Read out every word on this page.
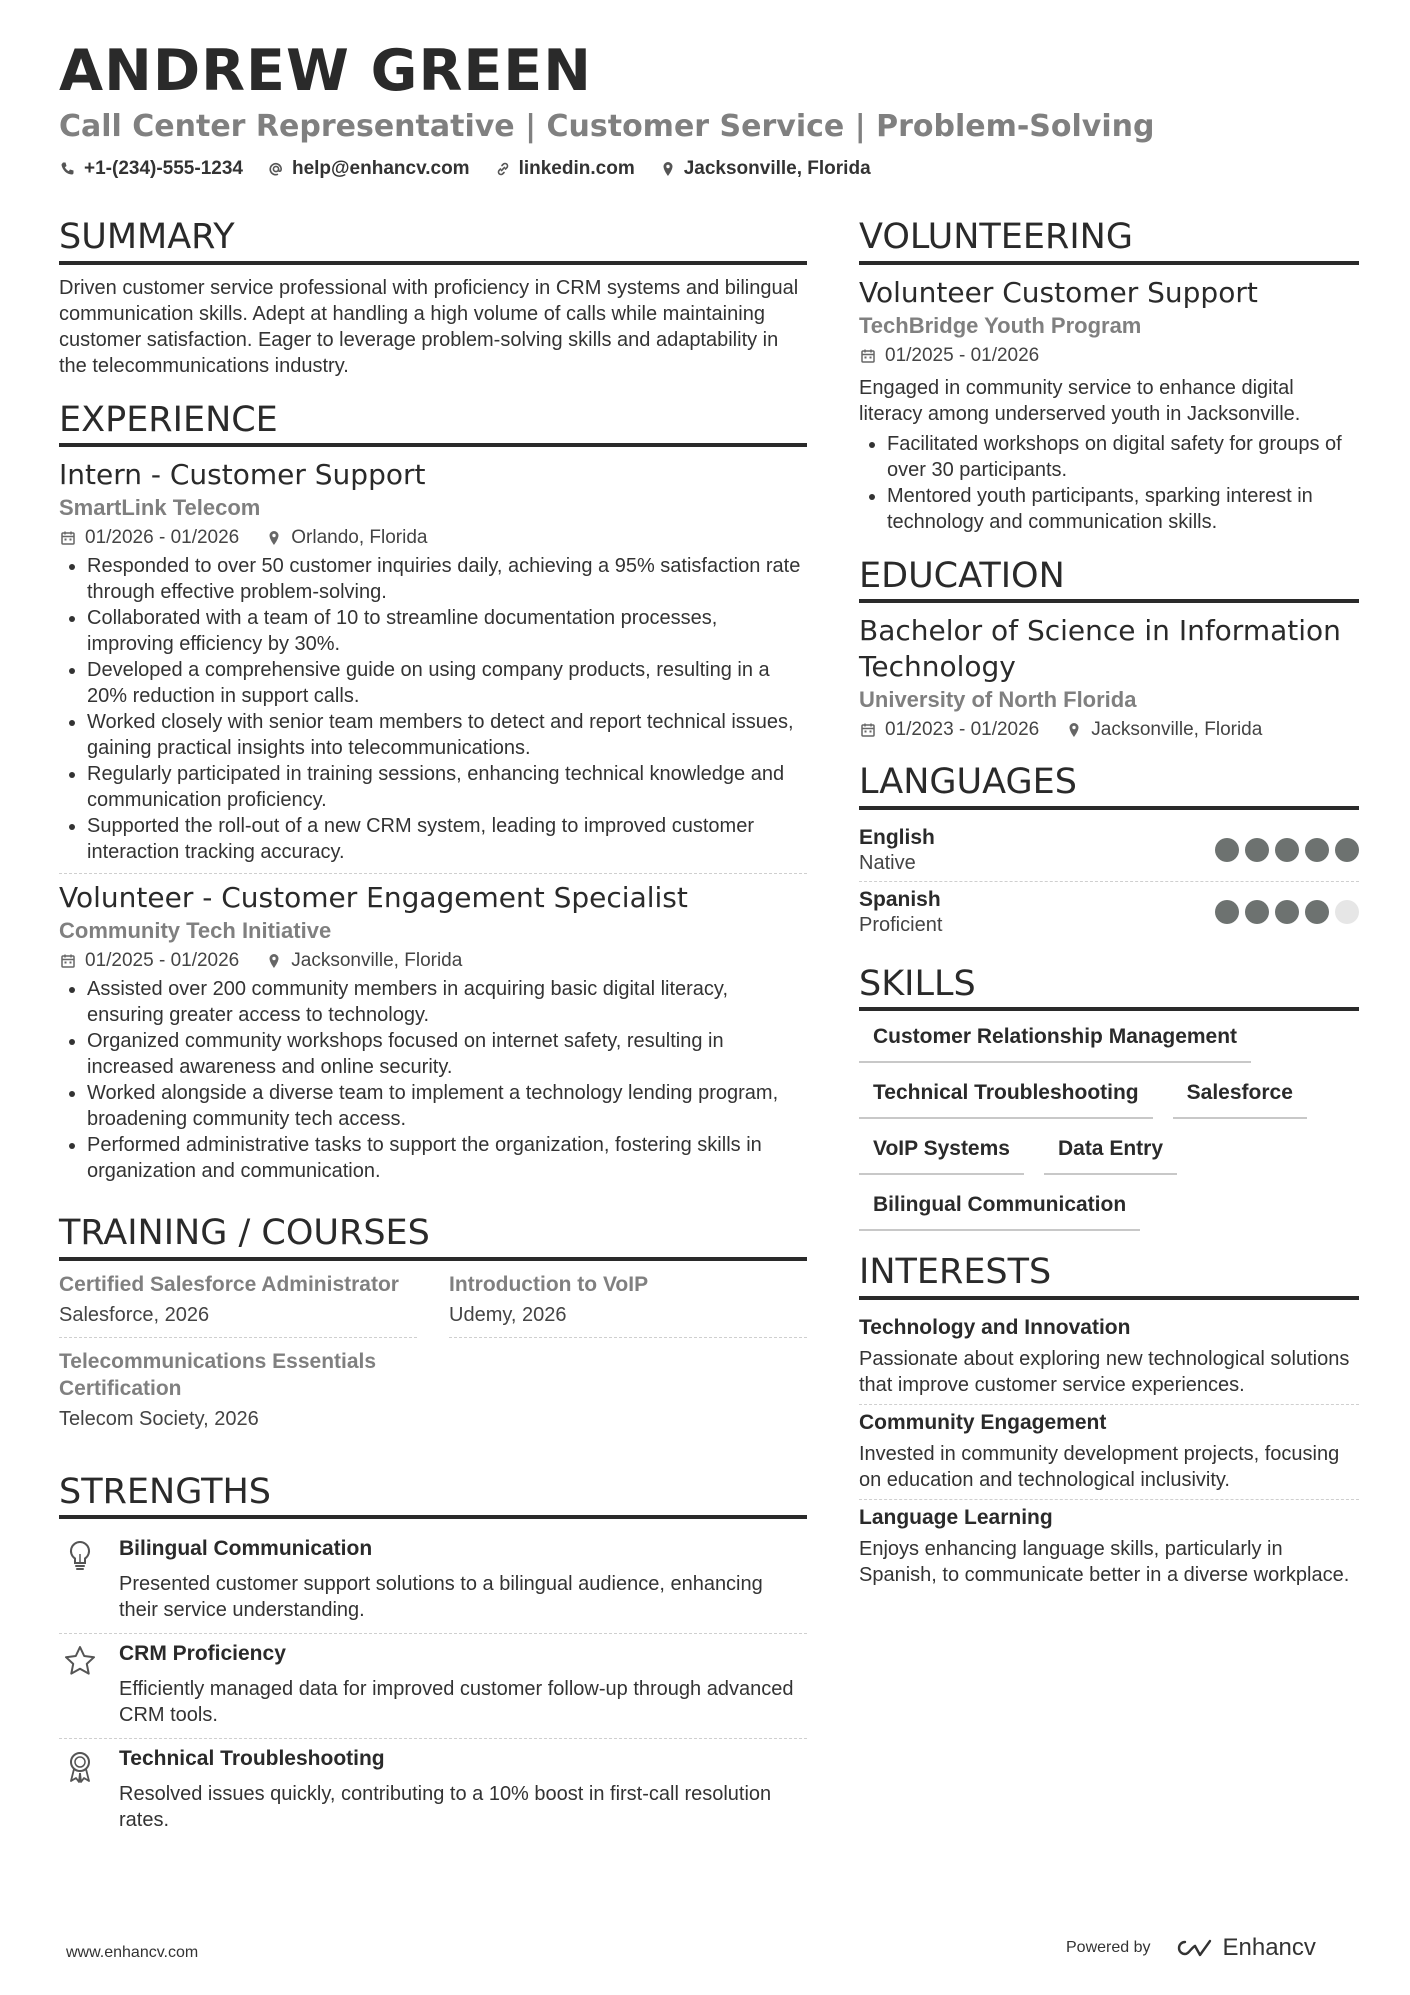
ANDREW GREEN
Call Center Representative | Customer Service | Problem-Solving
+1-(234)-555-1234	help@enhancv.com	linkedin.com	Jacksonville, Florida
SUMMARY
Driven customer service professional with proficiency in CRM systems and bilingual communication skills. Adept at handling a high volume of calls while maintaining customer satisfaction. Eager to leverage problem-solving skills and adaptability in the telecommunications industry.
EXPERIENCE
Intern - Customer Support
SmartLink Telecom
01/2026 - 01/2026	Orlando, Florida
• Responded to over 50 customer inquiries daily, achieving a 95% satisfaction rate through effective problem-solving.
• Collaborated with a team of 10 to streamline documentation processes, improving efficiency by 30%.
• Developed a comprehensive guide on using company products, resulting in a 20% reduction in support calls.
• Worked closely with senior team members to detect and report technical issues, gaining practical insights into telecommunications.
• Regularly participated in training sessions, enhancing technical knowledge and communication proficiency.
• Supported the roll-out of a new CRM system, leading to improved customer interaction tracking accuracy.
Volunteer - Customer Engagement Specialist
Community Tech Initiative
01/2025 - 01/2026	Jacksonville, Florida
• Assisted over 200 community members in acquiring basic digital literacy, ensuring greater access to technology.
• Organized community workshops focused on internet safety, resulting in increased awareness and online security.
• Worked alongside a diverse team to implement a technology lending program, broadening community tech access.
• Performed administrative tasks to support the organization, fostering skills in organization and communication.
TRAINING / COURSES
Certified Salesforce Administrator
Salesforce, 2026
Telecommunications Essentials Certification
Telecom Society, 2026
Introduction to VoIP
Udemy, 2026
STRENGTHS
Bilingual Communication
Presented customer support solutions to a bilingual audience, enhancing their service understanding.
CRM Proficiency
Efficiently managed data for improved customer follow-up through advanced CRM tools.
Technical Troubleshooting
Resolved issues quickly, contributing to a 10% boost in first-call resolution rates.
VOLUNTEERING
Volunteer Customer Support
TechBridge Youth Program
01/2025 - 01/2026
Engaged in community service to enhance digital literacy among underserved youth in Jacksonville.
• Facilitated workshops on digital safety for groups of over 30 participants.
• Mentored youth participants, sparking interest in technology and communication skills.
EDUCATION
Bachelor of Science in Information Technology
University of North Florida
01/2023 - 01/2026	Jacksonville, Florida
LANGUAGES
English
Native
Spanish
Proficient
SKILLS
Customer Relationship Management
Technical Troubleshooting	Salesforce
VoIP Systems	Data Entry
Bilingual Communication
INTERESTS
Technology and Innovation
Passionate about exploring new technological solutions that improve customer service experiences.
Community Engagement
Invested in community development projects, focusing on education and technological inclusivity.
Language Learning
Enjoys enhancing language skills, particularly in Spanish, to communicate better in a diverse workplace.
www.enhancv.com	Powered by	Enhancv
